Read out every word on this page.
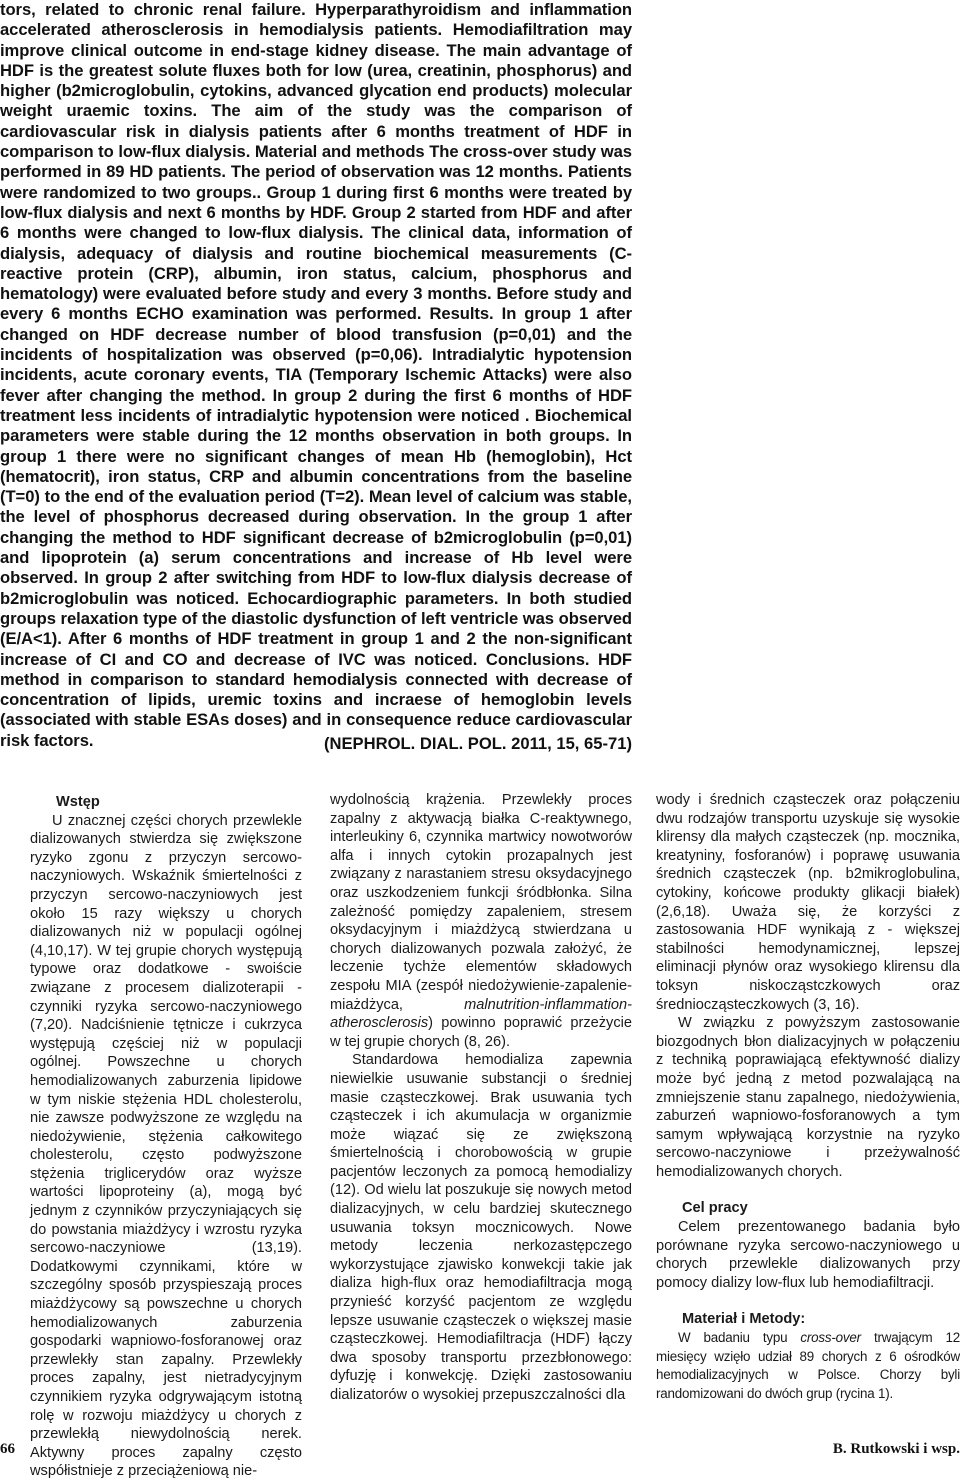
tors, related to chronic renal failure. Hyperparathyroidism and inflammation accelerated atherosclerosis in hemodialysis patients. Hemodiafiltration may improve clinical outcome in end-stage kidney disease. The main advantage of HDF is the greatest solute fluxes both for low (urea, creatinin, phosphorus) and higher (b2microglobulin, cytokins, advanced glycation end products) molecular weight uraemic toxins. The aim of the study was the comparison of cardiovascular risk in dialysis patients after 6 months treatment of HDF in comparison to low-flux dialysis. Material and methods The cross-over study was performed in 89 HD patients. The period of observation was 12 months. Patients were randomized to two groups.. Group 1 during first 6 months were treated by low-flux dialysis and next 6 months by HDF. Group 2 started from HDF and after 6 months were changed to low-flux dialysis. The clinical data, information of dialysis, adequacy of dialysis and routine biochemical measurements (C-reactive protein (CRP), albumin, iron status, calcium, phosphorus and hematology) were evaluated before study and every 3 months. Before study and every 6 months ECHO examination was performed. Results. In group 1 after changed on HDF decrease number of blood transfusion (p=0,01) and the incidents of hospitalization was observed (p=0,06). Intradialytic hypotension incidents, acute coronary events, TIA (Temporary Ischemic Attacks) were also fever after changing the method. In group 2 during the first 6 months of HDF treatment less incidents of intradialytic hypotension were noticed . Biochemical parameters were stable during the 12 months observation in both groups. In group 1 there were no significant changes of mean Hb (hemoglobin), Hct (hematocrit), iron status, CRP and albumin concentrations from the baseline (T=0) to the end of the evaluation period (T=2). Mean level of calcium was stable, the level of phosphorus decreased during observation. In the group 1 after changing the method to HDF significant decrease of b2microglobulin (p=0,01) and lipoprotein (a) serum concentrations and increase of Hb level were observed. In group 2 after switching from HDF to low-flux dialysis decrease of b2microglobulin was noticed. Echocardiographic parameters. In both studied groups relaxation type of the diastolic dysfunction of left ventricle was observed (E/A<1). After 6 months of HDF treatment in group 1 and 2 the non-significant increase of CI and CO and decrease of IVC was noticed. Conclusions. HDF method in comparison to standard hemodialysis connected with decrease of concentration of lipids, uremic toxins and incraese of hemoglobin levels (associated with stable ESAs doses) and in consequence reduce cardiovascular risk factors.	(NEPHROL. DIAL. POL. 2011, 15, 65-71)
Wstęp

U znacznej części chorych przewlekle dializowanych stwierdza się zwiększone ryzyko zgonu z przyczyn sercowo-naczyniowych. Wskaźnik śmiertelności z przyczyn sercowo-naczyniowych jest około 15 razy większy u chorych dializowanych niż w populacji ogólnej (4,10,17). W tej grupie chorych występują typowe oraz dodatkowe - swoiście związane z procesem dializoterapii - czynniki ryzyka sercowo-naczyniowego (7,20). Nadciśnienie tętnicze i cukrzyca występują częściej niż w populacji ogólnej. Powszechne u chorych hemodializowanych zaburzenia lipidowe w tym niskie stężenia HDL cholesterolu, nie zawsze podwyższone ze względu na niedożywienie, stężenia całkowitego cholesterolu, często podwyższone stężenia triglicerydów oraz wyższe wartości lipoproteiny (a), mogą być jednym z czynników przyczyniających się do powstania miażdżycy i wzrostu ryzyka sercowo-naczyniowe (13,19). Dodatkowymi czynnikami, które w szczególny sposób przyspieszają proces miażdżycowy są powszechne u chorych hemodializowanych zaburzenia gospodarki wapniowo-fosforanowej oraz przewlekły stan zapalny. Przewlekły proces zapalny, jest nietradycyjnym czynnikiem ryzyka odgrywającym istotną rolę w rozwoju miażdżycy u chorych z przewlekłą niewydolnością nerek. Aktywny proces zapalny często współistnieje z przeciążeniową nie-

wydolnością krążenia. Przewlekły proces zapalny z aktywacją białka C-reaktywnego, interleukiny 6, czynnika martwicy nowotworów alfa i innych cytokin prozapalnych jest związany z narastaniem stresu oksydacyjnego oraz uszkodzeniem funkcji śródbłonka. Silna zależność pomiędzy zapaleniem, stresem oksydacyjnym i miażdżycą stwierdzana u chorych dializowanych pozwala założyć, że leczenie tychże elementów składowych zespołu MIA (zespół niedożywienie-zapalenie-miażdżyca,	malnutrition-inflammation-atherosclerosis) powinno poprawić przeżycie w tej grupie chorych (8, 26).

Standardowa hemodializa zapewnia niewielkie usuwanie substancji o średniej masie cząsteczkowej. Brak usuwania tych cząsteczek i ich akumulacja w organizmie może wiązać się ze zwiększoną śmiertelnością i chorobowością w grupie pacjentów leczonych za pomocą hemodializy (12). Od wielu lat poszukuje się nowych metod dializacyjnych, w celu bardziej skutecznego usuwania toksyn mocznicowych. Nowe metody leczenia nerkozastępczego wykorzystujące zjawisko konwekcji takie jak dializa high-flux oraz hemodiafiltracja mogą przynieść korzyść pacjentom ze względu lepsze usuwanie cząsteczek o większej masie cząsteczkowej. Hemodiafiltracja (HDF) łączy dwa sposoby transportu przezbłonowego: dyfuzję i konwekcję. Dzięki zastosowaniu dializatorów o wysokiej przepuszczalności dla

wody i średnich cząsteczek oraz połączeniu dwu rodzajów transportu uzyskuje się wysokie klirensy dla małych cząsteczek (np. mocznika, kreatyniny, fosforanów) i poprawę usuwania średnich cząsteczek (np. b2mikroglobulina, cytokiny, końcowe produkty glikacji białek) (2,6,18). Uważa się, że korzyści z zastosowania HDF wynikają z - większej stabilności hemodynamicznej, lepszej eliminacji płynów oraz wysokiego klirensu dla toksyn niskocząstczkowych oraz średniocząsteczkowych (3, 16).

W związku z powyższym zastosowanie biozgodnych błon dializacyjnych w połączeniu z techniką poprawiającą efektywność dializy może być jedną z metod pozwalającą na zmniejszenie stanu zapalnego, niedożywienia, zaburzeń wapniowo-fosforanowych a tym samym wpływającą korzystnie na ryzyko sercowo-naczyniowe i przeżywalność hemodializowanych chorych.

Cel pracy

Celem prezentowanego badania było porównane ryzyka sercowo-naczyniowego u chorych przewlekle dializowanych przy pomocy dializy low-flux lub hemodiafiltracji.

Materiał i Metody:

W badaniu typu cross-over trwającym 12 miesięcy wzięło udział 89 chorych z 6 ośrodków hemodializacyjnych w Polsce. Chorzy byli randomizowani do dwóch grup (rycina 1).

66	B. Rutkowski i wsp.
